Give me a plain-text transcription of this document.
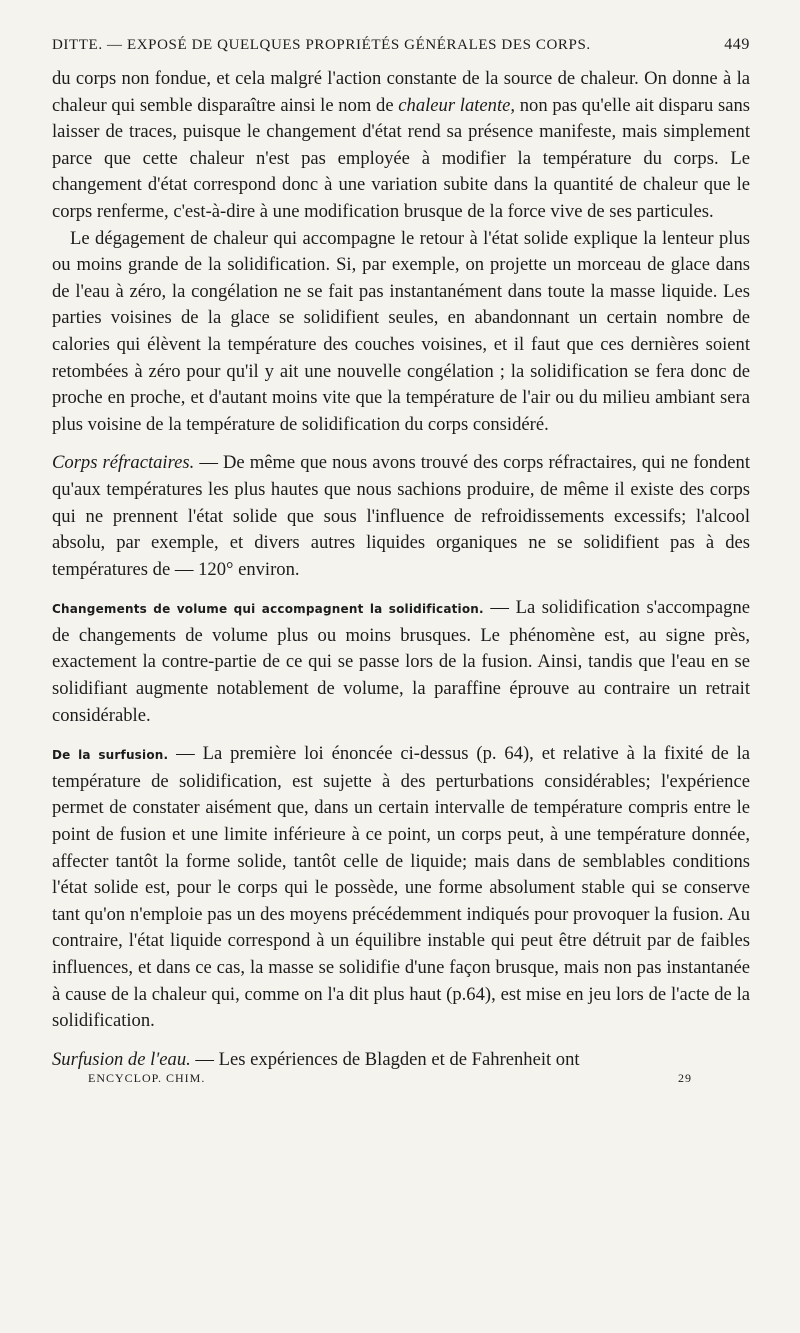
DITTE. — EXPOSÉ DE QUELQUES PROPRIÉTÉS GÉNÉRALES DES CORPS.	449

du corps non fondue, et cela malgré l'action constante de la source de chaleur. On donne à la chaleur qui semble disparaître ainsi le nom de chaleur latente, non pas qu'elle ait disparu sans laisser de traces, puisque le changement d'état rend sa présence manifeste, mais simplement parce que cette chaleur n'est pas employée à modifier la température du corps. Le changement d'état correspond donc à une variation subite dans la quantité de chaleur que le corps renferme, c'est-à-dire à une modification brusque de la force vive de ses particules.

Le dégagement de chaleur qui accompagne le retour à l'état solide explique la lenteur plus ou moins grande de la solidification. Si, par exemple, on projette un morceau de glace dans de l'eau à zéro, la congélation ne se fait pas instantanément dans toute la masse liquide. Les parties voisines de la glace se solidifient seules, en abandonnant un certain nombre de calories qui élèvent la température des couches voisines, et il faut que ces dernières soient retombées à zéro pour qu'il y ait une nouvelle congélation ; la solidification se fera donc de proche en proche, et d'autant moins vite que la température de l'air ou du milieu ambiant sera plus voisine de la température de solidification du corps considéré.

Corps réfractaires. — De même que nous avons trouvé des corps réfractaires, qui ne fondent qu'aux températures les plus hautes que nous sachions produire, de même il existe des corps qui ne prennent l'état solide que sous l'influence de refroidissements excessifs; l'alcool absolu, par exemple, et divers autres liquides organiques ne se solidifient pas à des températures de — 120° environ.

Changements de volume qui accompagnent la solidification. — La solidification s'accompagne de changements de volume plus ou moins brusques. Le phénomène est, au signe près, exactement la contre-partie de ce qui se passe lors de la fusion. Ainsi, tandis que l'eau en se solidifiant augmente notablement de volume, la paraffine éprouve au contraire un retrait considérable.

De la surfusion. — La première loi énoncée ci-dessus (p. 64), et relative à la fixité de la température de solidification, est sujette à des perturbations considérables; l'expérience permet de constater aisément que, dans un certain intervalle de température compris entre le point de fusion et une limite inférieure à ce point, un corps peut, à une température donnée, affecter tantôt la forme solide, tantôt celle de liquide; mais dans de semblables conditions l'état solide est, pour le corps qui le possède, une forme absolument stable qui se conserve tant qu'on n'emploie pas un des moyens précédemment indiqués pour provoquer la fusion. Au contraire, l'état liquide correspond à un équilibre instable qui peut être détruit par de faibles influences, et dans ce cas, la masse se solidifie d'une façon brusque, mais non pas instantanée à cause de la chaleur qui, comme on l'a dit plus haut (p.64), est mise en jeu lors de l'acte de la solidification.

Surfusion de l'eau. — Les expériences de Blagden et de Fahrenheit ont

ENCYCLOP. CHIM.	29
